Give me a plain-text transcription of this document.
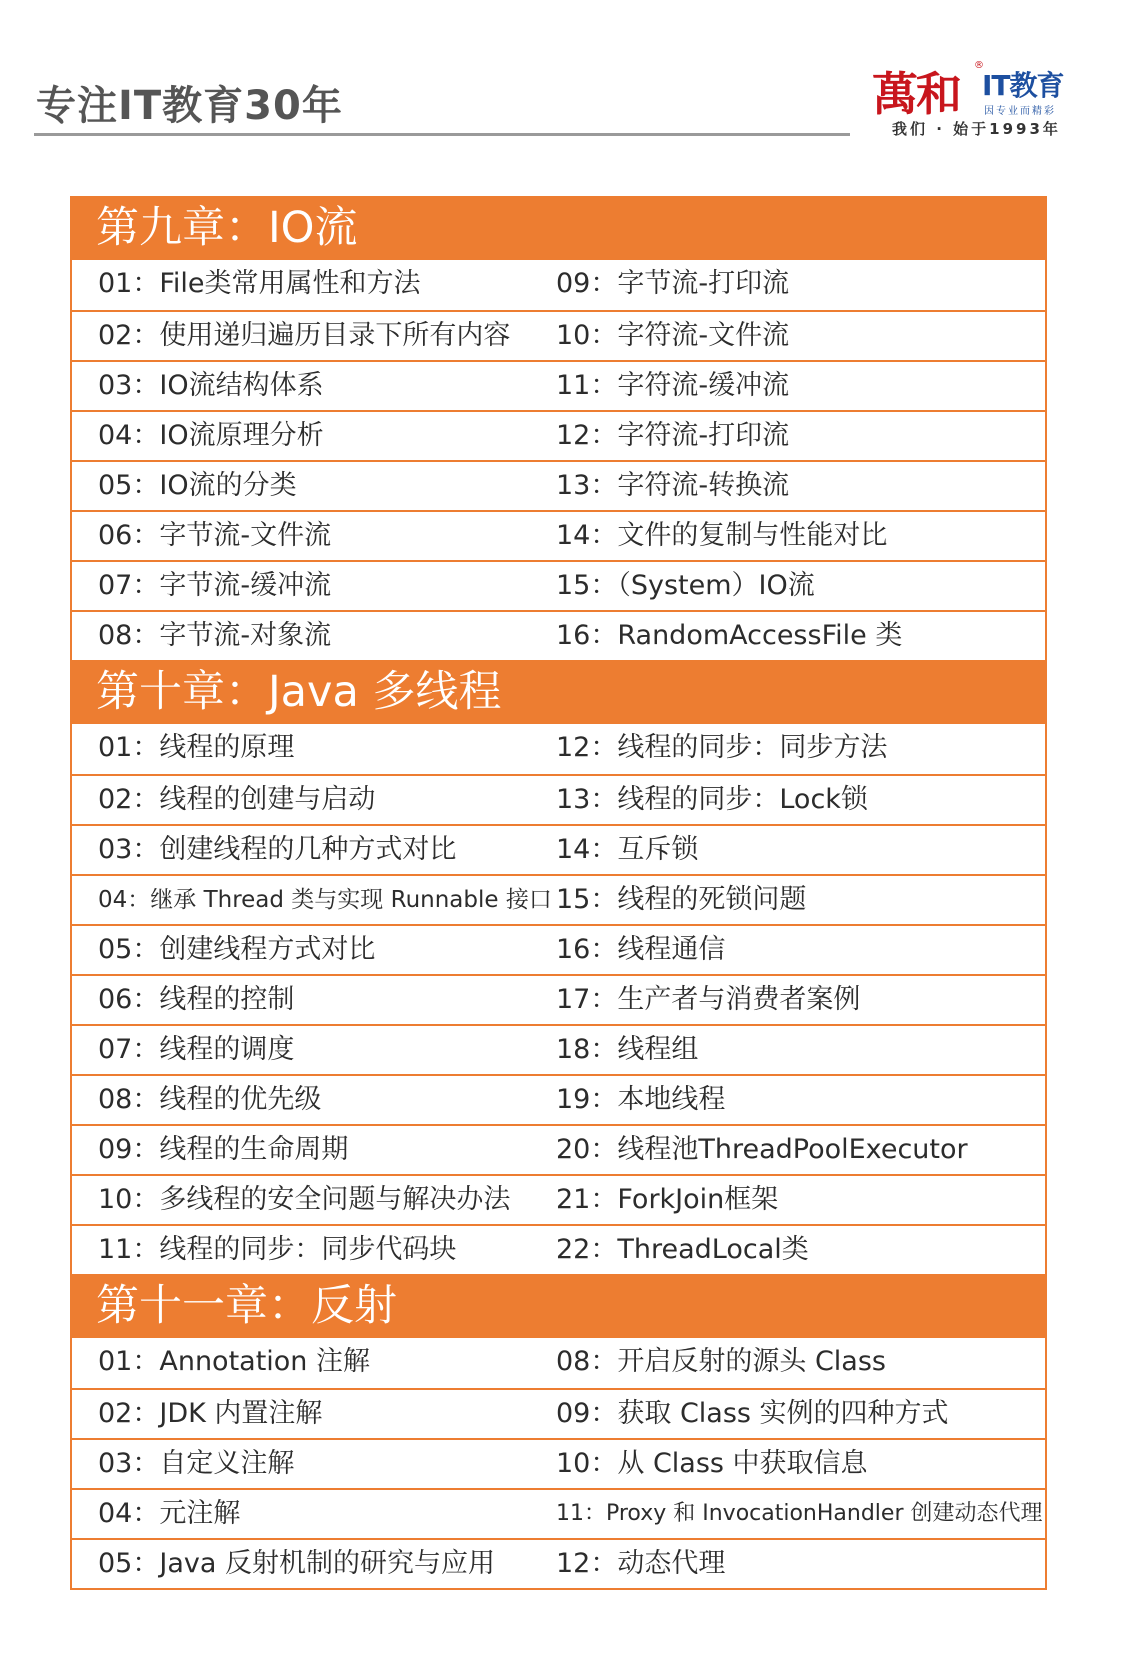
专注IT教育30年	萬和
®
IT教育
因专业而精彩
我们 · 始于1993年
第九章：IO流
01：File类常用属性和方法	09：字节流-打印流
02：使用递归遍历目录下所有内容	10：字符流-文件流
03：IO流结构体系	11：字符流-缓冲流
04：IO流原理分析	12：字符流-打印流
05：IO流的分类	13：字符流-转换流
06：字节流-文件流	14：文件的复制与性能对比
07：字节流-缓冲流	15：（System）IO流
08：字节流-对象流	16：RandomAccessFile 类
第十章：Java 多线程
01：线程的原理	12：线程的同步：同步方法
02：线程的创建与启动	13：线程的同步：Lock锁
03：创建线程的几种方式对比	14：互斥锁
04：继承 Thread 类与实现 Runnable 接口 15：线程的死锁问题
05：创建线程方式对比	16：线程通信
06：线程的控制	17：生产者与消费者案例
07：线程的调度	18：线程组
08：线程的优先级	19：本地线程
09：线程的生命周期	20：线程池ThreadPoolExecutor
10：多线程的安全问题与解决办法	21：ForkJoin框架
11：线程的同步：同步代码块	22：ThreadLocal类
第十一章：反射
01：Annotation 注解	08：开启反射的源头 Class
02：JDK 内置注解	09：获取 Class 实例的四种方式
03：自定义注解	10：从 Class 中获取信息
04：元注解	11：Proxy 和 InvocationHandler 创建动态代理
05：Java 反射机制的研究与应用	12：动态代理
